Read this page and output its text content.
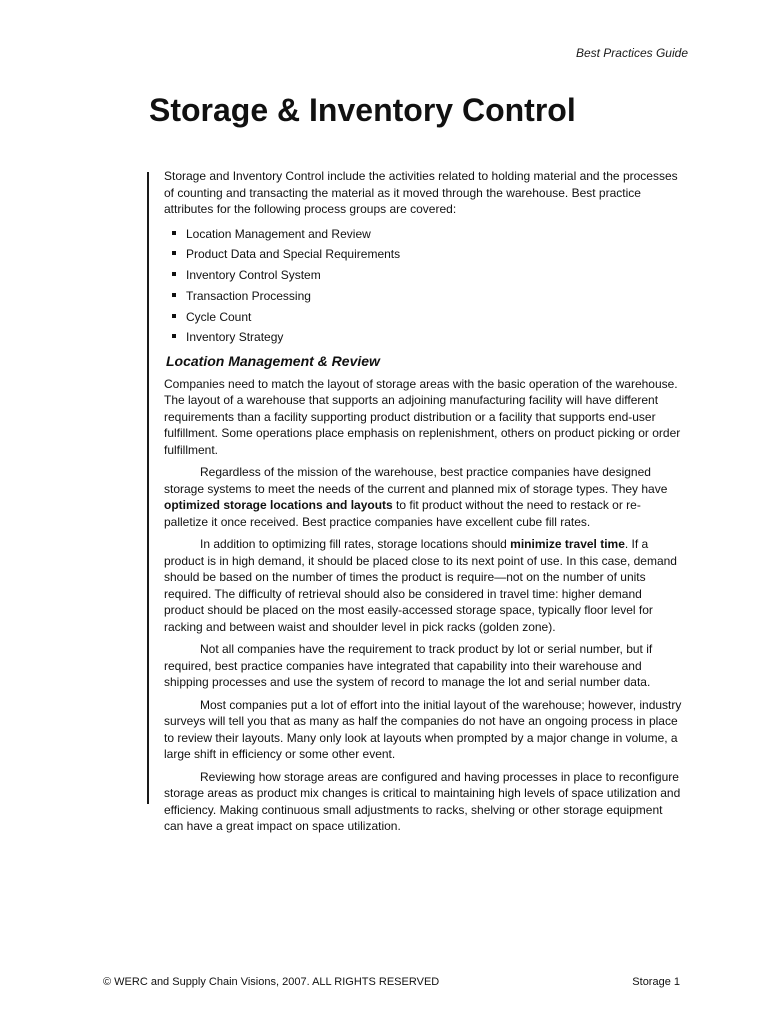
Best Practices Guide
Storage & Inventory Control

Storage and Inventory Control include the activities related to holding material and the processes of counting and transacting the material as it moved through the warehouse. Best practice attributes for the following process groups are covered:

Location Management and Review
Product Data and Special Requirements
Inventory Control System
Transaction Processing
Cycle Count
Inventory Strategy
Location Management & Review

Companies need to match the layout of storage areas with the basic operation of the warehouse. The layout of a warehouse that supports an adjoining manufacturing facility will have different requirements than a facility supporting product distribution or a facility that supports end-user fulfillment. Some operations place emphasis on replenishment, others on product picking or order fulfillment.

Regardless of the mission of the warehouse, best practice companies have designed storage systems to meet the needs of the current and planned mix of storage types. They have optimized storage locations and layouts to fit product without the need to restack or re-palletize it once received. Best practice companies have excellent cube fill rates.

In addition to optimizing fill rates, storage locations should minimize travel time. If a product is in high demand, it should be placed close to its next point of use. In this case, demand should be based on the number of times the product is require—not on the number of units required. The difficulty of retrieval should also be considered in travel time: higher demand product should be placed on the most easily-accessed storage space, typically floor level for racking and between waist and shoulder level in pick racks (golden zone).

Not all companies have the requirement to track product by lot or serial number, but if required, best practice companies have integrated that capability into their warehouse and shipping processes and use the system of record to manage the lot and serial number data.

Most companies put a lot of effort into the initial layout of the warehouse; however, industry surveys will tell you that as many as half the companies do not have an ongoing process in place to review their layouts. Many only look at layouts when prompted by a major change in volume, a large shift in efficiency or some other event.

Reviewing how storage areas are configured and having processes in place to reconfigure storage areas as product mix changes is critical to maintaining high levels of space utilization and efficiency. Making continuous small adjustments to racks, shelving or other storage equipment can have a great impact on space utilization.

© WERC and Supply Chain Visions, 2007. ALL RIGHTS RESERVED	Storage 1
